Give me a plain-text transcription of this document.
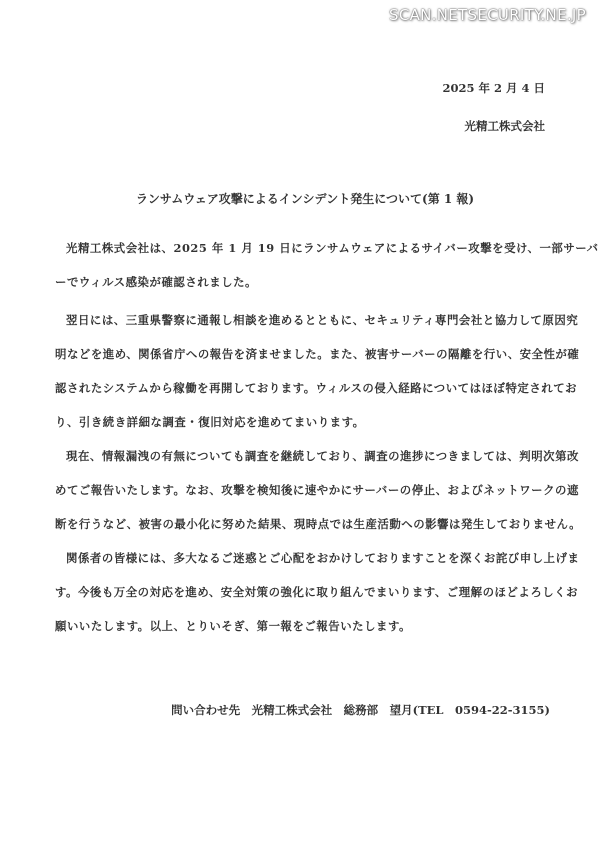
SCAN.NETSECURITY.NE.JP
2025 年 2 月 4 日
光精工株式会社
ランサムウェア攻撃によるインシデント発生について(第 1 報)
光精工株式会社は、2025 年 1 月 19 日にランサムウェアによるサイバー攻撃を受け、一部サーバ
ーでウィルス感染が確認されました。
翌日には、三重県警察に通報し相談を進めるとともに、セキュリティ専門会社と協力して原因究
明などを進め、関係省庁への報告を済ませました。また、被害サーバーの隔離を行い、安全性が確
認されたシステムから稼働を再開しております。ウィルスの侵入経路についてはほぼ特定されてお
り、引き続き詳細な調査・復旧対応を進めてまいります。
現在、情報漏洩の有無についても調査を継続しており、調査の進捗につきましては、判明次第改
めてご報告いたします。なお、攻撃を検知後に速やかにサーバーの停止、およびネットワークの遮
断を行うなど、被害の最小化に努めた結果、現時点では生産活動への影響は発生しておりません。
関係者の皆様には、多大なるご迷惑とご心配をおかけしておりますことを深くお詫び申し上げま
す。今後も万全の対応を進め、安全対策の強化に取り組んでまいります、ご理解のほどよろしくお
願いいたします。以上、とりいそぎ、第一報をご報告いたします。
問い合わせ先　光精工株式会社　総務部　望月(TEL　0594-22-3155)
